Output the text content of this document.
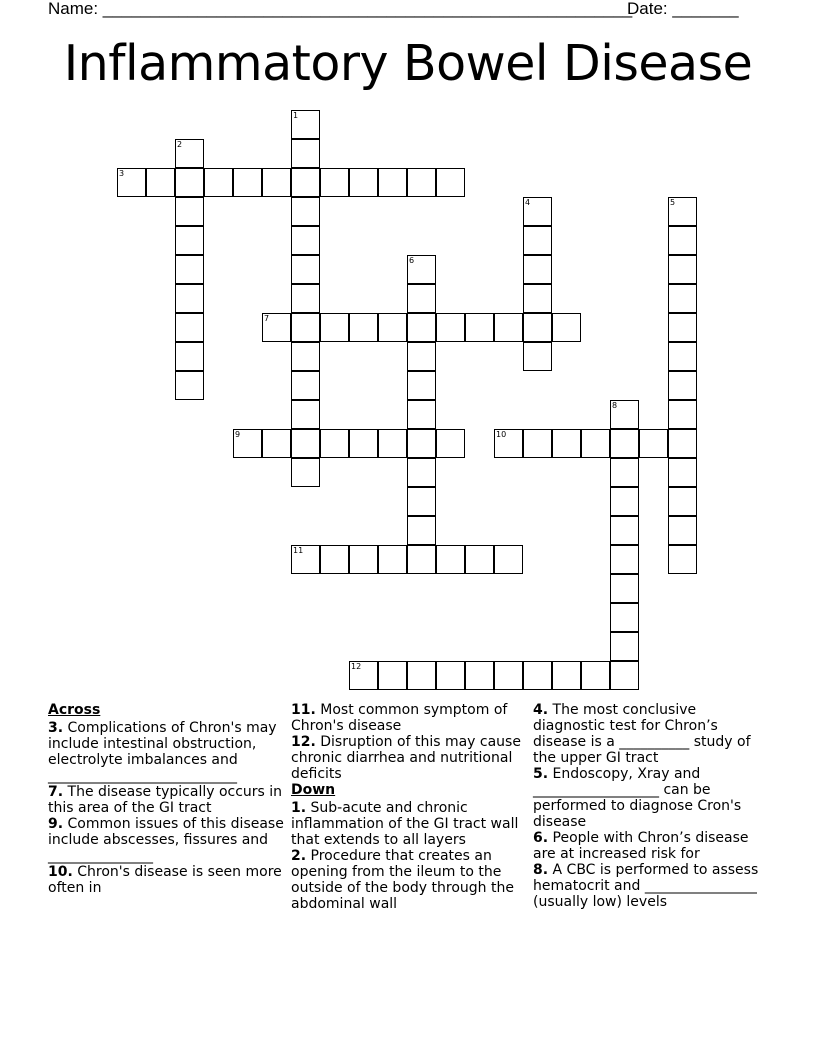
Name: ________________________________________________________
Date: _______
Inflammatory Bowel Disease
1
2
3
4	5
6
7
8
9	10
11
12

Across

3. Complications of Chron's may include intestinal obstruction, electrolyte imbalances and ___________________________

7. The disease typically occurs in this area of the GI tract

9. Common issues of this disease include abscesses, fissures and _______________

10. Chron's disease is seen more often in

11. Most common symptom of Chron's disease

12. Disruption of this may cause chronic diarrhea and nutritional deficits

Down

1. Sub-acute and chronic inflammation of the GI tract wall that extends to all layers

2. Procedure that creates an opening from the ileum to the outside of the body through the abdominal wall

4. The most conclusive diagnostic test for Chron’s disease is a __________ study of the upper GI tract

5. Endoscopy, Xray and __________________ can be performed to diagnose Cron's disease

6. People with Chron’s disease are at increased risk for

8. A CBC is performed to assess hematocrit and ________________ (usually low) levels
